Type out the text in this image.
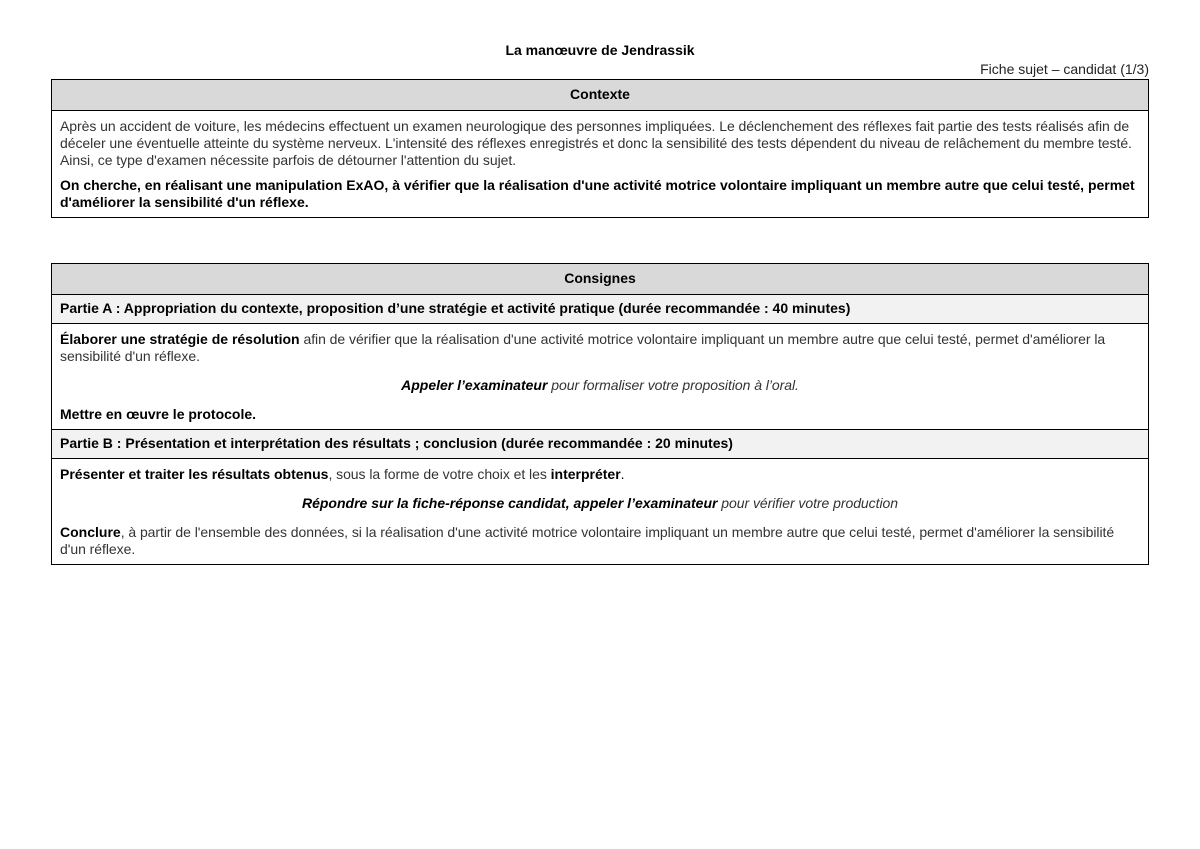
La manœuvre de Jendrassik
Fiche sujet – candidat (1/3)
Contexte

Après un accident de voiture, les médecins effectuent un examen neurologique des personnes impliquées. Le déclenchement des réflexes fait partie des tests réalisés afin de déceler une éventuelle atteinte du système nerveux. L'intensité des réflexes enregistrés et donc la sensibilité des tests dépendent du niveau de relâchement du membre testé. Ainsi, ce type d'examen nécessite parfois de détourner l'attention du sujet.

On cherche, en réalisant une manipulation ExAO, à vérifier que la réalisation d'une activité motrice volontaire impliquant un membre autre que celui testé, permet d'améliorer la sensibilité d'un réflexe.

Consignes
Partie A : Appropriation du contexte, proposition d’une stratégie et activité pratique (durée recommandée : 40 minutes)

Élaborer une stratégie de résolution afin de vérifier que la réalisation d'une activité motrice volontaire impliquant un membre autre que celui testé, permet d'améliorer la sensibilité d'un réflexe.

Appeler l’examinateur pour formaliser votre proposition à l’oral.

Mettre en œuvre le protocole.

Partie B : Présentation et interprétation des résultats ; conclusion (durée recommandée : 20 minutes)

Présenter et traiter les résultats obtenus, sous la forme de votre choix et les interpréter.

Répondre sur la fiche-réponse candidat, appeler l’examinateur pour vérifier votre production

Conclure, à partir de l'ensemble des données, si la réalisation d'une activité motrice volontaire impliquant un membre autre que celui testé, permet d'améliorer la sensibilité d'un réflexe.
